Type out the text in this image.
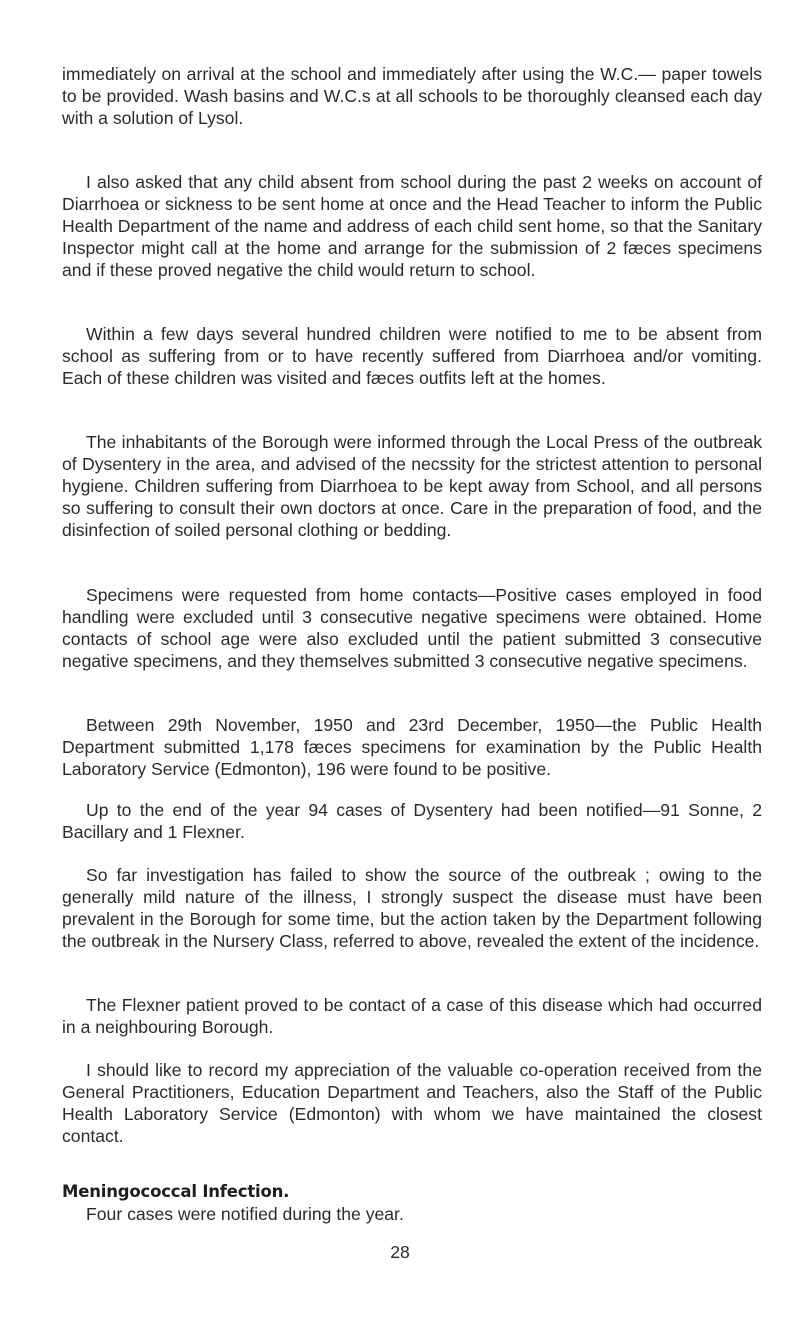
immediately on arrival at the school and immediately after using the W.C.— paper towels to be provided. Wash basins and W.C.s at all schools to be thoroughly cleansed each day with a solution of Lysol.

I also asked that any child absent from school during the past 2 weeks on account of Diarrhoea or sickness to be sent home at once and the Head Teacher to inform the Public Health Department of the name and address of each child sent home, so that the Sanitary Inspector might call at the home and arrange for the submission of 2 fæces specimens and if these proved negative the child would return to school.

Within a few days several hundred children were notified to me to be absent from school as suffering from or to have recently suffered from Diarrhoea and/or vomiting. Each of these children was visited and fæces outfits left at the homes.

The inhabitants of the Borough were informed through the Local Press of the outbreak of Dysentery in the area, and advised of the necssity for the strictest attention to personal hygiene. Children suffering from Diarrhoea to be kept away from School, and all persons so suffering to consult their own doctors at once. Care in the preparation of food, and the disinfection of soiled personal clothing or bedding.

Specimens were requested from home contacts—Positive cases employed in food handling were excluded until 3 consecutive negative specimens were obtained. Home contacts of school age were also excluded until the patient submitted 3 consecutive negative specimens, and they themselves submitted 3 consecutive negative specimens.

Between 29th November, 1950 and 23rd December, 1950—the Public Health Department submitted 1,178 fæces specimens for examination by the Public Health Laboratory Service (Edmonton), 196 were found to be positive.

Up to the end of the year 94 cases of Dysentery had been notified—91 Sonne, 2 Bacillary and 1 Flexner.

So far investigation has failed to show the source of the outbreak ; owing to the generally mild nature of the illness, I strongly suspect the disease must have been prevalent in the Borough for some time, but the action taken by the Department following the outbreak in the Nursery Class, referred to above, revealed the extent of the incidence.

The Flexner patient proved to be contact of a case of this disease which had occurred in a neighbouring Borough.

I should like to record my appreciation of the valuable co-operation received from the General Practitioners, Education Department and Teachers, also the Staff of the Public Health Laboratory Service (Edmonton) with whom we have maintained the closest contact.

Meningococcal Infection.

Four cases were notified during the year.

28
